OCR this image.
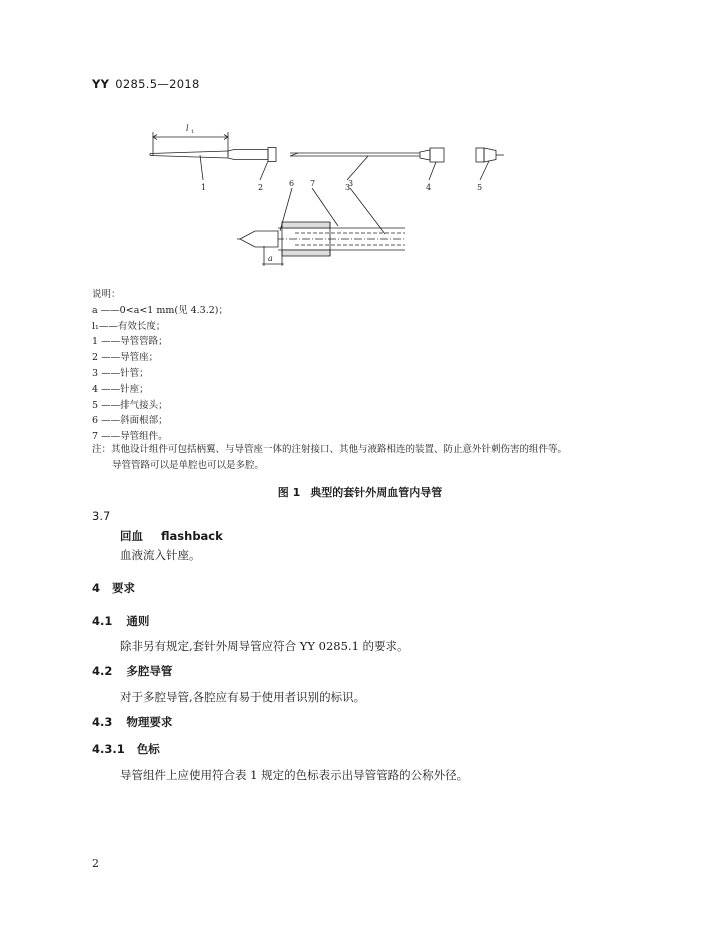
YY 0285.5—2018
l 1
1	2	3	4	5
6 7	3
a
说明：
a ——0<a<1 mm(见 4.3.2)；
l₁——有效长度；
1 ——导管管路；
2 ——导管座；
3 ——针管；
4 ——针座；
5 ——排气接头；
6 ——斜面根部；
7 ——导管组件。
注：其他设计组件可包括柄翼、与导管座一体的注射接口、其他与液路相连的装置、防止意外针刺伤害的组件等。
导管管路可以是单腔也可以是多腔。
图 1 典型的套针外周血管内导管
3.7
回血 flashback
血液流入针座。
4 要求
4.1 通则
除非另有规定,套针外周导管应符合 YY 0285.1 的要求。
4.2 多腔导管
对于多腔导管,各腔应有易于使用者识别的标识。
4.3 物理要求
4.3.1 色标
导管组件上应使用符合表 1 规定的色标表示出导管管路的公称外径。
2
